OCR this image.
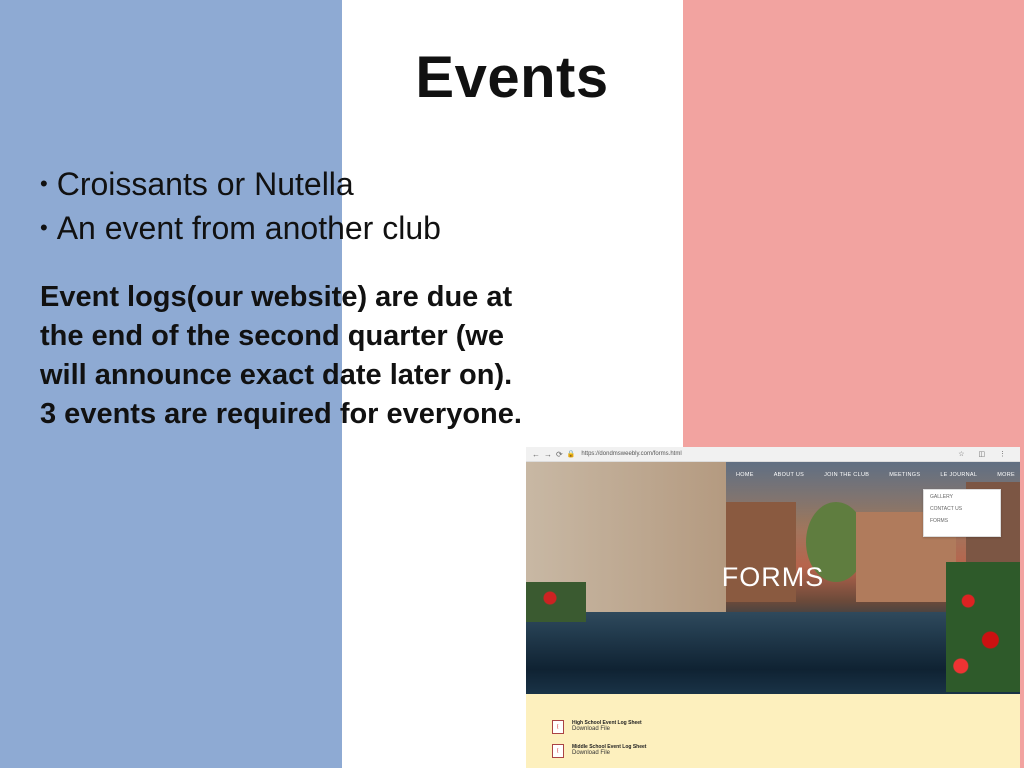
Events
• Croissants or Nutella
• An event from another club

Event logs(our website) are due at

the end of the second quarter (we

will announce exact date later on).

3 events are required for everyone.

←→⟳ 🔒 https://dondmsweebly.com/forms.html	☆ ◫ ⋮
HOME	ABOUT US	JOIN THE CLUB	MEETINGS	LE JOURNAL	MORE
GALLERY
CONTACT US
FORMS
FORMS
⁅
High School Event Log Sheet
Download File
⁅
Middle School Event Log Sheet
Download File
